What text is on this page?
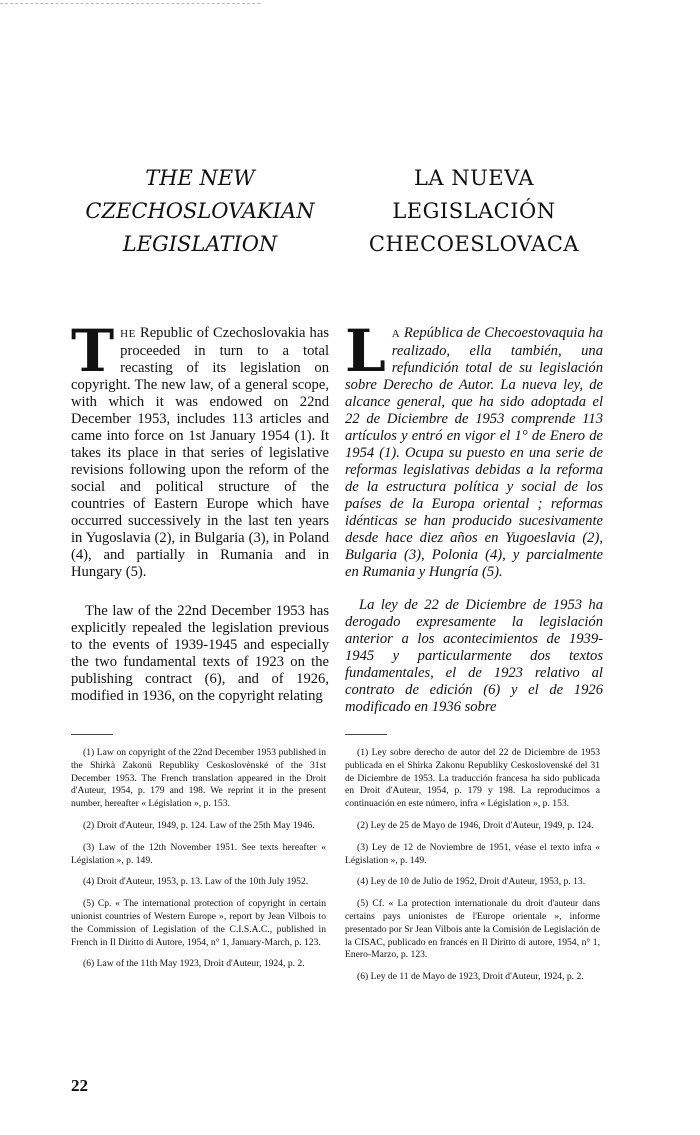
THE NEW
CZECHOSLOVAKIAN
LEGISLATION
LA NUEVA
LEGISLACIÓN
CHECOESLOVACA

THE Republic of Czechoslovakia has proceeded in turn to a total recasting of its legislation on copyright. The new law, of a general scope, with which it was endowed on 22nd December 1953, includes 113 articles and came into force on 1st January 1954 (1). It takes its place in that series of legislative revisions following upon the reform of the social and political structure of the countries of Eastern Europe which have occurred successively in the last ten years in Yugoslavia (2), in Bulgaria (3), in Poland (4), and partially in Rumania and in Hungary (5).

The law of the 22nd December 1953 has explicitly repealed the legislation previous to the events of 1939-1945 and especially the two fundamental texts of 1923 on the publishing contract (6), and of 1926, modified in 1936, on the copyright relating

L A República de Checoestovaquia ha realizado, ella también, una refundición total de su legislación sobre Derecho de Autor. La nueva ley, de alcance general, que ha sido adoptada el 22 de Diciembre de 1953 comprende 113 artículos y entró en vigor el 1° de Enero de 1954 (1). Ocupa su puesto en una serie de reformas legislativas debidas a la reforma de la estructura política y social de los países de la Europa oriental ; reformas idénticas se han producido sucesivamente desde hace diez años en Yugoeslavia (2), Bulgaria (3), Polonia (4), y parcialmente en Rumania y Hungría (5).

La ley de 22 de Diciembre de 1953 ha derogado expresamente la legislación anterior a los acontecimientos de 1939-1945 y particularmente dos textos fundamentales, el de 1923 relativo al contrato de edición (6) y el de 1926 modificado en 1936 sobre

(1) Law on copyright of the 22nd December 1953 published in the Shirkà Zakonü Republiky Ceskoslovènské of the 31st December 1953. The French translation appeared in the Droit d'Auteur, 1954, p. 179 and 198. We reprint it in the present number, hereafter « Législation », p. 153.

(2) Droit d'Auteur, 1949, p. 124. Law of the 25th May 1946.

(3) Law of the 12th November 1951. See texts hereafter « Législation », p. 149.

(4) Droit d'Auteur, 1953, p. 13. Law of the 10th July 1952.

(5) Cp. « The international protection of copyright in certain unionist countries of Western Europe », report by Jean Vilbois to the Commission of Legislation of the C.I.S.A.C., published in French in Il Diritto di Autore, 1954, n° 1, January-March, p. 123.

(6) Law of the 11th May 1923, Droit d'Auteur, 1924, p. 2.

(1) Ley sobre derecho de autor del 22 de Diciembre de 1953 publicada en el Shirka Zakonu Republiky Ceskoslovenské del 31 de Diciembre de 1953. La traducción francesa ha sido publicada en Droit d'Auteur, 1954, p. 179 y 198. La reproducimos a continuación en este número, infra « Législation », p. 153.

(2) Ley de 25 de Mayo de 1946, Droit d'Auteur, 1949, p. 124.

(3) Ley de 12 de Noviembre de 1951, véase el texto infra « Législation », p. 149.

(4) Ley de 10 de Julio de 1952, Droit d'Auteur, 1953, p. 13.

(5) Cf. « La protection internationale du droit d'auteur dans certains pays unionistes de l'Europe orientale », informe presentado por Sr Jean Vilbois ante la Comisión de Legislación de la CISAC, publicado en francés en Il Diritto di autore, 1954, n° 1, Enero-Marzo, p. 123.

(6) Ley de 11 de Mayo de 1923, Droit d'Auteur, 1924, p. 2.

22
